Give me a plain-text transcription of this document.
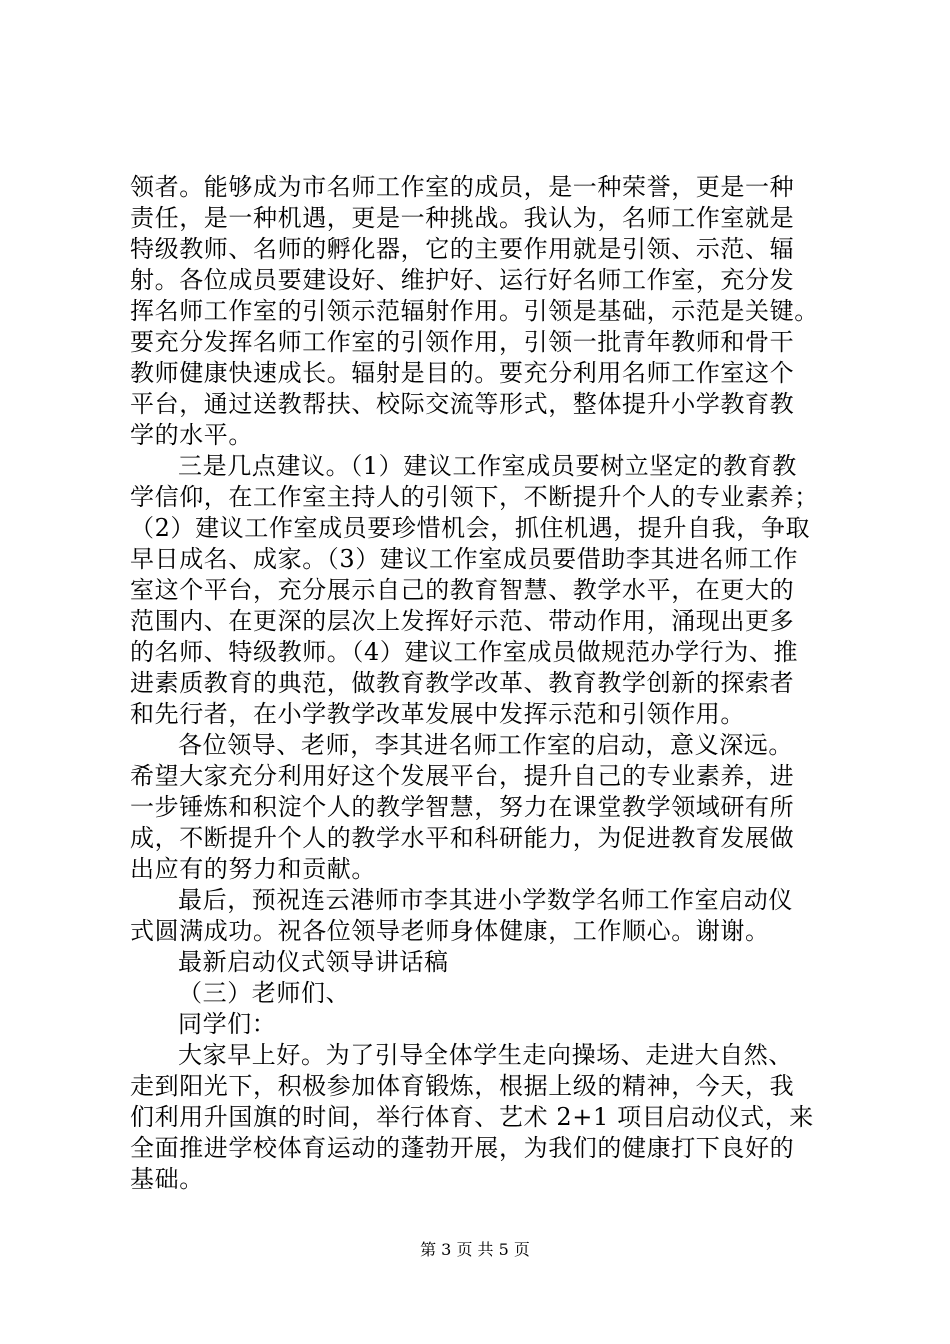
领者。能够成为市名师工作室的成员，是一种荣誉，更是一种
责任，是一种机遇，更是一种挑战。我认为，名师工作室就是
特级教师、名师的孵化器，它的主要作用就是引领、示范、辐
射。各位成员要建设好、维护好、运行好名师工作室，充分发
挥名师工作室的引领示范辐射作用。引领是基础，示范是关键。
要充分发挥名师工作室的引领作用，引领一批青年教师和骨干
教师健康快速成长。辐射是目的。要充分利用名师工作室这个
平台，通过送教帮扶、校际交流等形式，整体提升小学教育教
学的水平。
三是几点建议。（1）建议工作室成员要树立坚定的教育教
学信仰，在工作室主持人的引领下，不断提升个人的专业素养；
（2）建议工作室成员要珍惜机会，抓住机遇，提升自我，争取
早日成名、成家。（3）建议工作室成员要借助李其进名师工作
室这个平台，充分展示自己的教育智慧、教学水平，在更大的
范围内、在更深的层次上发挥好示范、带动作用，涌现出更多
的名师、特级教师。（4）建议工作室成员做规范办学行为、推
进素质教育的典范，做教育教学改革、教育教学创新的探索者
和先行者，在小学教学改革发展中发挥示范和引领作用。
各位领导、老师，李其进名师工作室的启动，意义深远。
希望大家充分利用好这个发展平台，提升自己的专业素养，进
一步锤炼和积淀个人的教学智慧，努力在课堂教学领域研有所
成，不断提升个人的教学水平和科研能力，为促进教育发展做
出应有的努力和贡献。
最后，预祝连云港师市李其进小学数学名师工作室启动仪
式圆满成功。祝各位领导老师身体健康，工作顺心。谢谢。
最新启动仪式领导讲话稿
（三）老师们、
同学们：
大家早上好。为了引导全体学生走向操场、走进大自然、
走到阳光下，积极参加体育锻炼，根据上级的精神，今天，我
们利用升国旗的时间，举行体育、艺术 2+1 项目启动仪式，来
全面推进学校体育运动的蓬勃开展，为我们的健康打下良好的
基础。
第 3 页 共 5 页
